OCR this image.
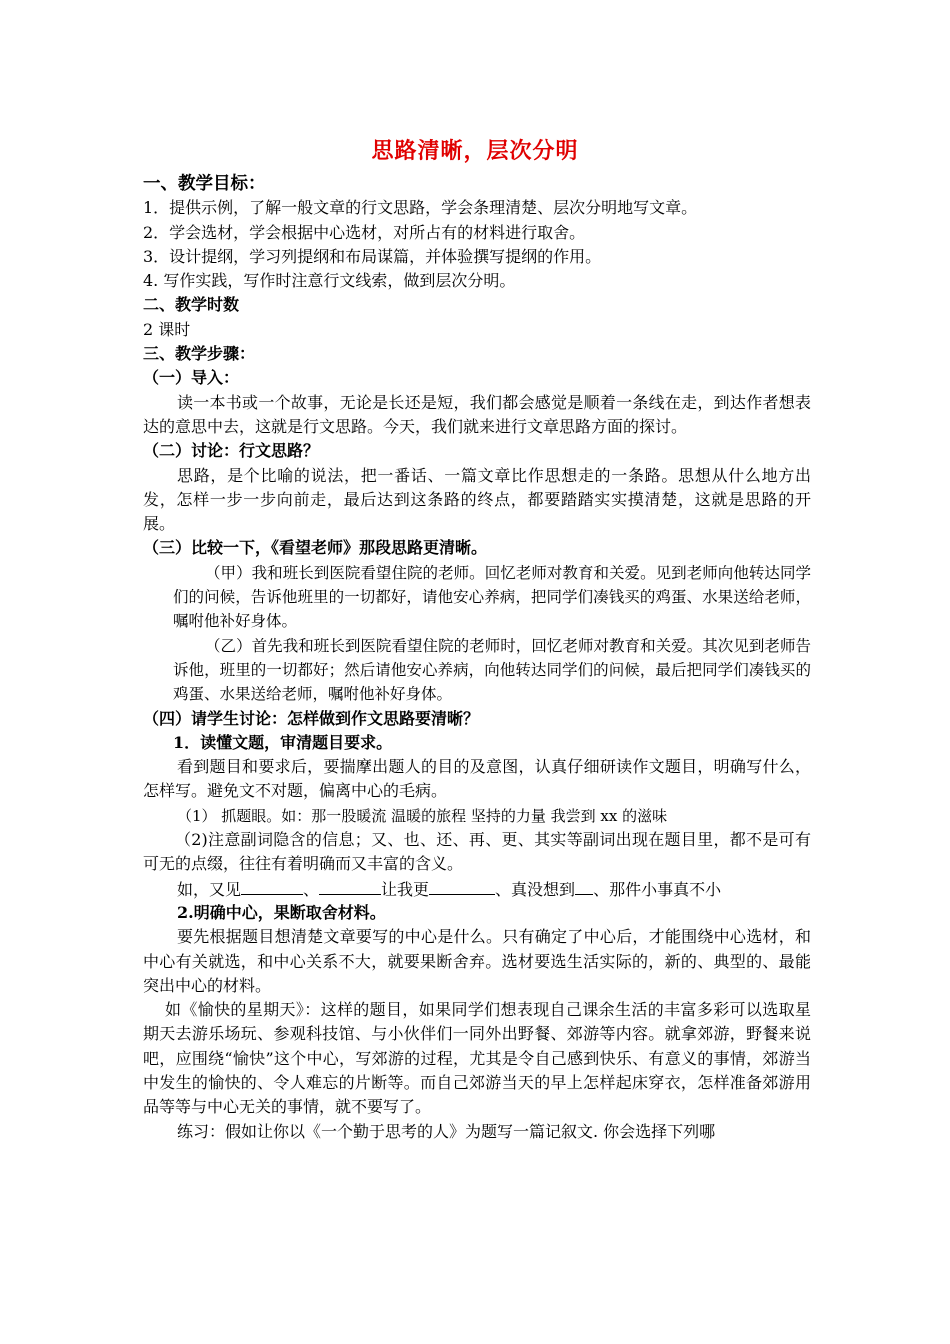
思路清晰，层次分明
一、教学目标：
1．提供示例，了解一般文章的行文思路，学会条理清楚、层次分明地写文章。
2．学会选材，学会根据中心选材，对所占有的材料进行取舍。
3．设计提纲，学习列提纲和布局谋篇，并体验撰写提纲的作用。
4. 写作实践，写作时注意行文线索，做到层次分明。
二、教学时数
2 课时
三、教学步骤：
（一）导入：
读一本书或一个故事，无论是长还是短，我们都会感觉是顺着一条线在走，到达作者想表达的意思中去，这就是行文思路。今天，我们就来进行文章思路方面的探讨。
（二）讨论：行文思路？
思路，是个比喻的说法，把一番话、一篇文章比作思想走的一条路。思想从什么地方出发，怎样一步一步向前走，最后达到这条路的终点，都要踏踏实实摸清楚，这就是思路的开展。
（三）比较一下，《看望老师》那段思路更清晰。
（甲）我和班长到医院看望住院的老师。回忆老师对教育和关爱。见到老师向他转达同学们的问候，告诉他班里的一切都好，请他安心养病，把同学们凑钱买的鸡蛋、水果送给老师，嘱咐他补好身体。
（乙）首先我和班长到医院看望住院的老师时，回忆老师对教育和关爱。其次见到老师告诉他，班里的一切都好；然后请他安心养病，向他转达同学们的问候，最后把同学们凑钱买的鸡蛋、水果送给老师，嘱咐他补好身体。
（四）请学生讨论：怎样做到作文思路要清晰？
1．读懂文题，审清题目要求。
看到题目和要求后，要揣摩出题人的目的及意图，认真仔细研读作文题目，明确写什么，怎样写。避免文不对题，偏离中心的毛病。
（1） 抓题眼。如：那一股暖流 温暖的旅程 坚持的力量 我尝到 xx 的滋味
（2)注意副词隐含的信息；又、也、还、再、更、其实等副词出现在题目里，都不是可有可无的点缀，往往有着明确而又丰富的含义。
如，又见	、	让我更	、真没想到 、那件小事真不小
2.明确中心，果断取舍材料。
要先根据题目想清楚文章要写的中心是什么。只有确定了中心后，才能围绕中心选材，和中心有关就选，和中心关系不大，就要果断舍弃。选材要选生活实际的，新的、典型的、最能突出中心的材料。
如《愉快的星期天》：这样的题目，如果同学们想表现自己课余生活的丰富多彩可以选取星期天去游乐场玩、参观科技馆、与小伙伴们一同外出野餐、郊游等内容。就拿郊游，野餐来说吧，应围绕“愉快”这个中心，写郊游的过程，尤其是令自己感到快乐、有意义的事情，郊游当中发生的愉快的、令人难忘的片断等。而自己郊游当天的早上怎样起床穿衣，怎样准备郊游用品等等与中心无关的事情，就不要写了。
练习：假如让你以《一个勤于思考的人》为题写一篇记叙文. 你会选择下列哪
